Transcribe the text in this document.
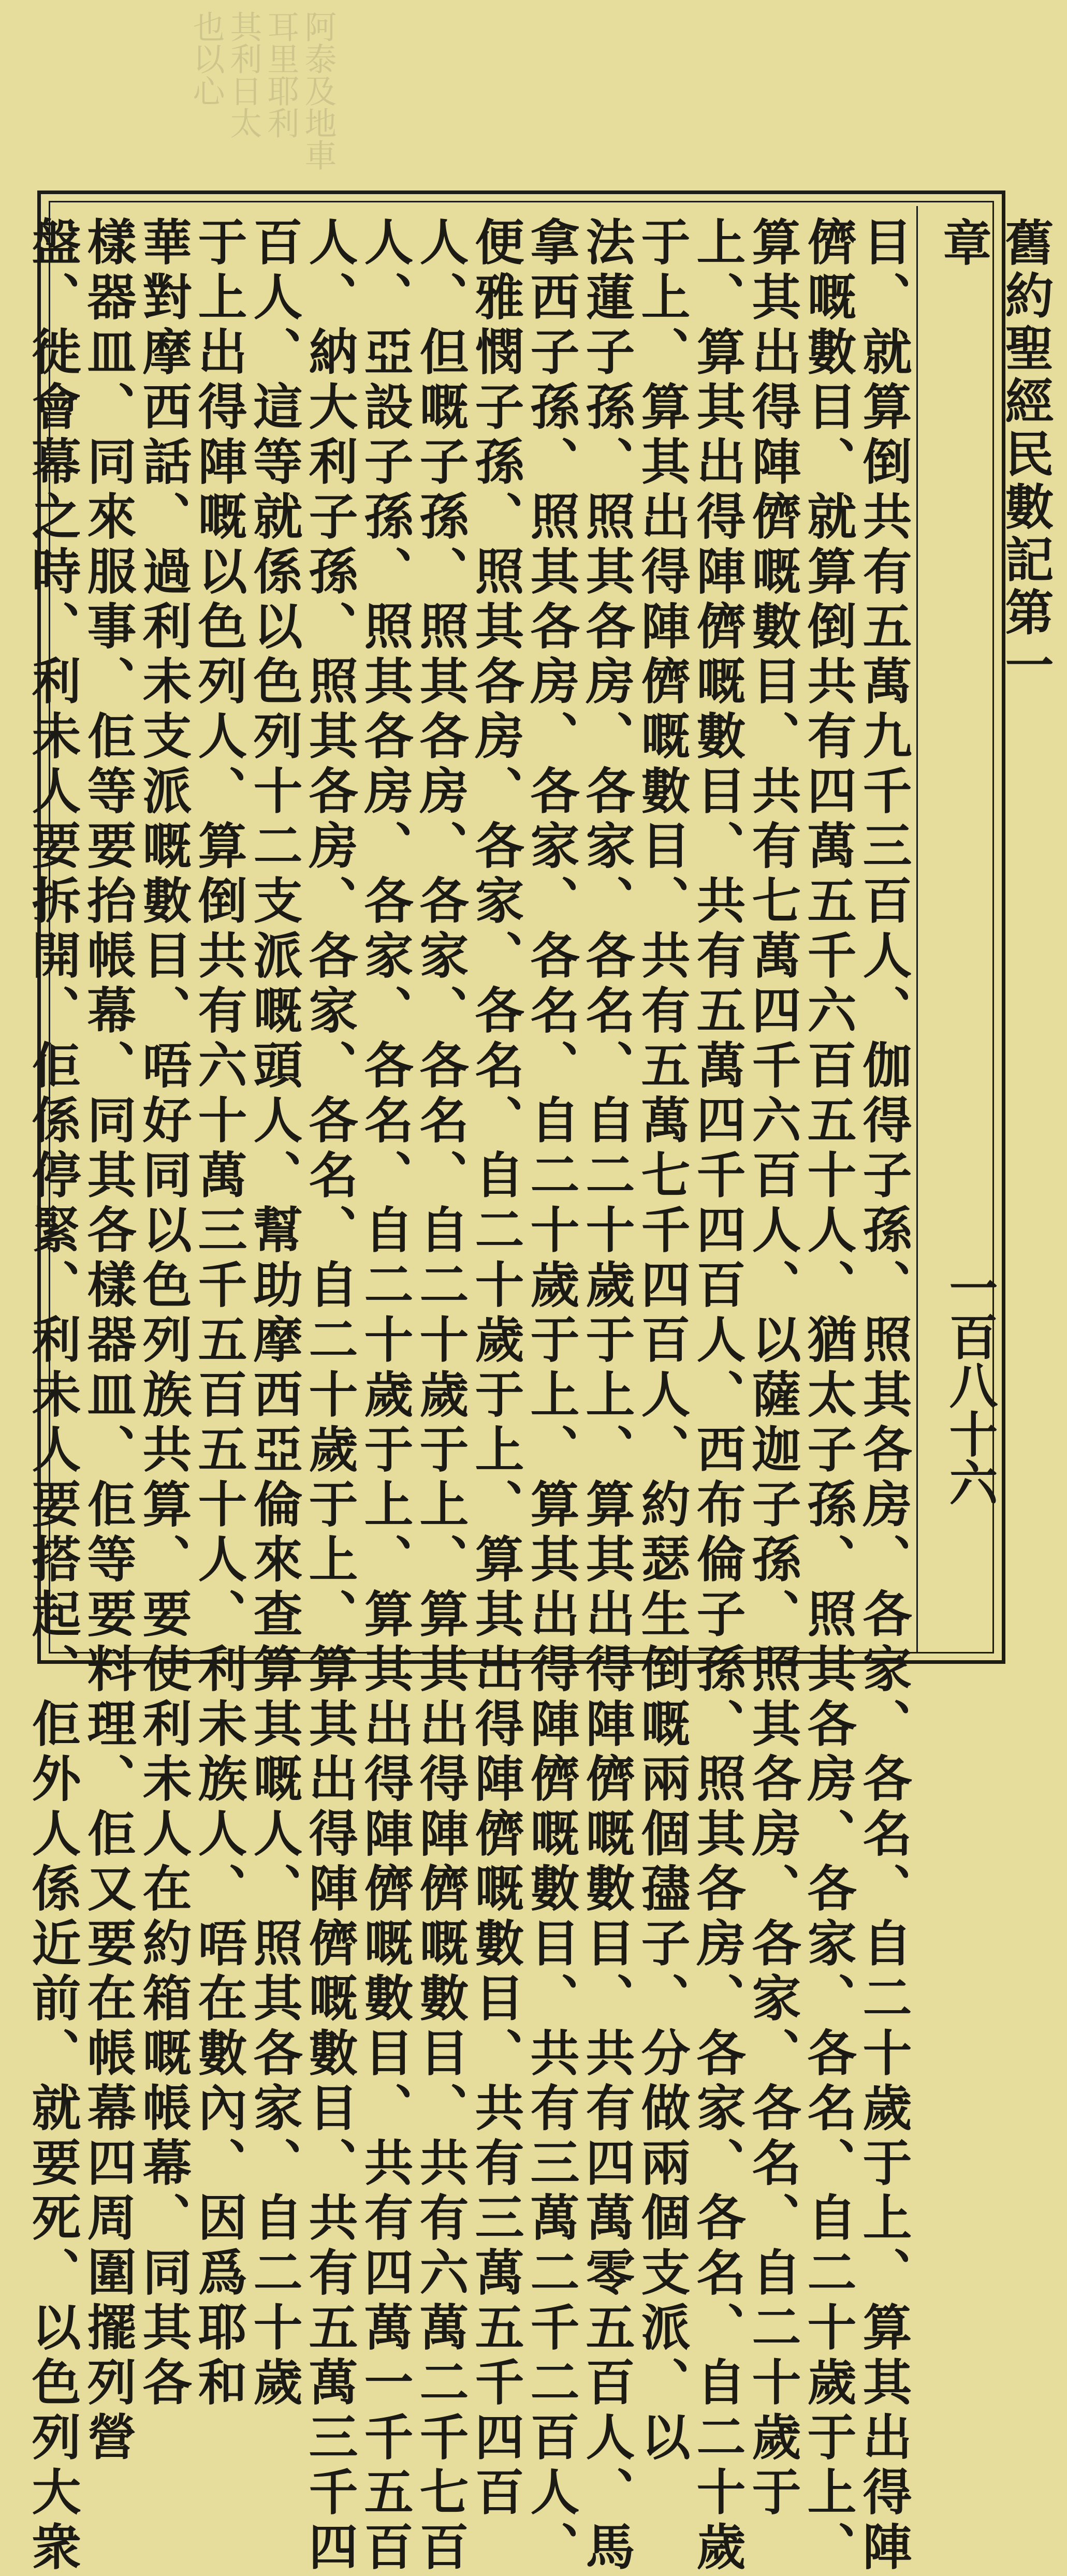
阿泰及地車
耳里耶利
其利日太
也以心
舊約聖經民數記第一章
一百八十六
目、就算倒共有五萬九千三百人、伽得子孫、照其各房、各家、各名、自二十歲于上、算其出得陣
儕嘅數目、就算倒共有四萬五千六百五十人、猶太子孫、照其各房、各家、各名、自二十歲于上、
算其出得陣儕嘅數目、共有七萬四千六百人、以薩迦子孫、照其各房、各家、各名、自二十歲于
上、算其出得陣儕嘅數目、共有五萬四千四百人、西布倫子孫、照其各房、各家、各名、自二十歲
于上、算其出得陣儕嘅數目、共有五萬七千四百人、約瑟生倒嘅兩個孻子、分做兩個支派、以
法蓮子孫、照其各房、各家、各名、自二十歲于上、算其出得陣儕嘅數目、共有四萬零五百人、馬
拿西子孫、照其各房、各家、各名、自二十歲于上、算其出得陣儕嘅數目、共有三萬二千二百人、
便雅憫子孫、照其各房、各家、各名、自二十歲于上、算其出得陣儕嘅數目、共有三萬五千四百
人、但嘅子孫、照其各房、各家、各名、自二十歲于上、算其出得陣儕嘅數目、共有六萬二千七百
人、亞設子孫、照其各房、各家、各名、自二十歲于上、算其出得陣儕嘅數目、共有四萬一千五百
人、納大利子孫、照其各房、各家、各名、自二十歲于上、算其出得陣儕嘅數目、共有五萬三千四
百人、這等就係以色列十二支派嘅頭人、幫助摩西亞倫來查算其嘅人、照其各家、自二十歲
于上出得陣嘅以色列人、算倒共有六十萬三千五百五十人、利未族人、唔在數內、因爲耶和
華對摩西話、過利未支派嘅數目、唔好同以色列族共算、要使利未人在約箱嘅帳幕、同其各
樣器皿、同來服事、佢等要抬帳幕、同其各樣器皿、佢等要料理、佢又要在帳幕四周圍擺列營
盤、徙會幕之時、利未人要拆開、佢係停緊、利未人要搭起、佢外人係近前、就要死、以色列大衆
